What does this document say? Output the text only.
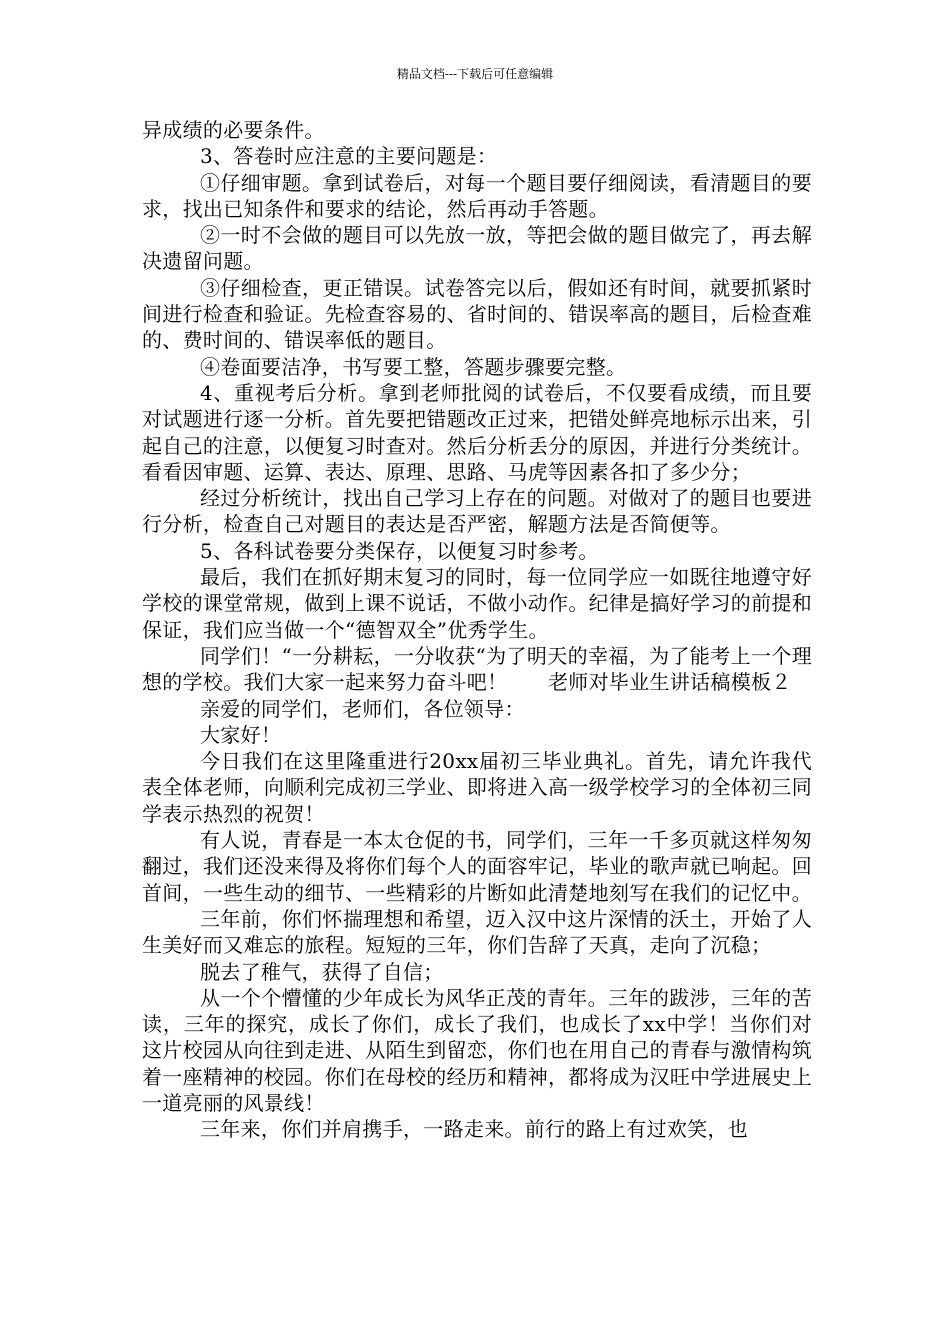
精品文档---下载后可任意编辑

异成绩的必要条件。

3、答卷时应注意的主要问题是：

①仔细审题。拿到试卷后，对每一个题目要仔细阅读，看清题目的要求，找出已知条件和要求的结论，然后再动手答题。

②一时不会做的题目可以先放一放，等把会做的题目做完了，再去解决遗留问题。

③仔细检查，更正错误。试卷答完以后，假如还有时间，就要抓紧时间进行检查和验证。先检查容易的、省时间的、错误率高的题目，后检查难的、费时间的、错误率低的题目。

④卷面要洁净，书写要工整，答题步骤要完整。

4、重视考后分析。拿到老师批阅的试卷后，不仅要看成绩，而且要对试题进行逐一分析。首先要把错题改正过来，把错处鲜亮地标示出来，引起自己的注意，以便复习时查对。然后分析丢分的原因，并进行分类统计。看看因审题、运算、表达、原理、思路、马虎等因素各扣了多少分；

经过分析统计，找出自己学习上存在的问题。对做对了的题目也要进行分析，检查自己对题目的表达是否严密，解题方法是否简便等。

5、各科试卷要分类保存，以便复习时参考。

最后，我们在抓好期末复习的同时，每一位同学应一如既往地遵守好学校的课堂常规，做到上课不说话，不做小动作。纪律是搞好学习的前提和保证，我们应当做一个“德智双全”优秀学生。

同学们！“一分耕耘，一分收获“为了明天的幸福，为了能考上一个理想的学校。我们大家一起来努力奋斗吧！　　老师对毕业生讲话稿模板２

亲爱的同学们，老师们，各位领导：

大家好！

今日我们在这里隆重进行20xx届初三毕业典礼。首先，请允许我代表全体老师，向顺利完成初三学业、即将进入高一级学校学习的全体初三同学表示热烈的祝贺！

有人说，青春是一本太仓促的书，同学们，三年一千多页就这样匆匆翻过，我们还没来得及将你们每个人的面容牢记，毕业的歌声就已响起。回首间，一些生动的细节、一些精彩的片断如此清楚地刻写在我们的记忆中。

三年前，你们怀揣理想和希望，迈入汉中这片深情的沃土，开始了人生美好而又难忘的旅程。短短的三年，你们告辞了天真，走向了沉稳；

脱去了稚气，获得了自信；

从一个个懵懂的少年成长为风华正茂的青年。三年的跋涉，三年的苦读，三年的探究，成长了你们，成长了我们，也成长了xx中学！当你们对这片校园从向往到走进、从陌生到留恋，你们也在用自己的青春与激情构筑着一座精神的校园。你们在母校的经历和精神，都将成为汉旺中学进展史上一道亮丽的风景线！

三年来，你们并肩携手，一路走来。前行的路上有过欢笑，也
